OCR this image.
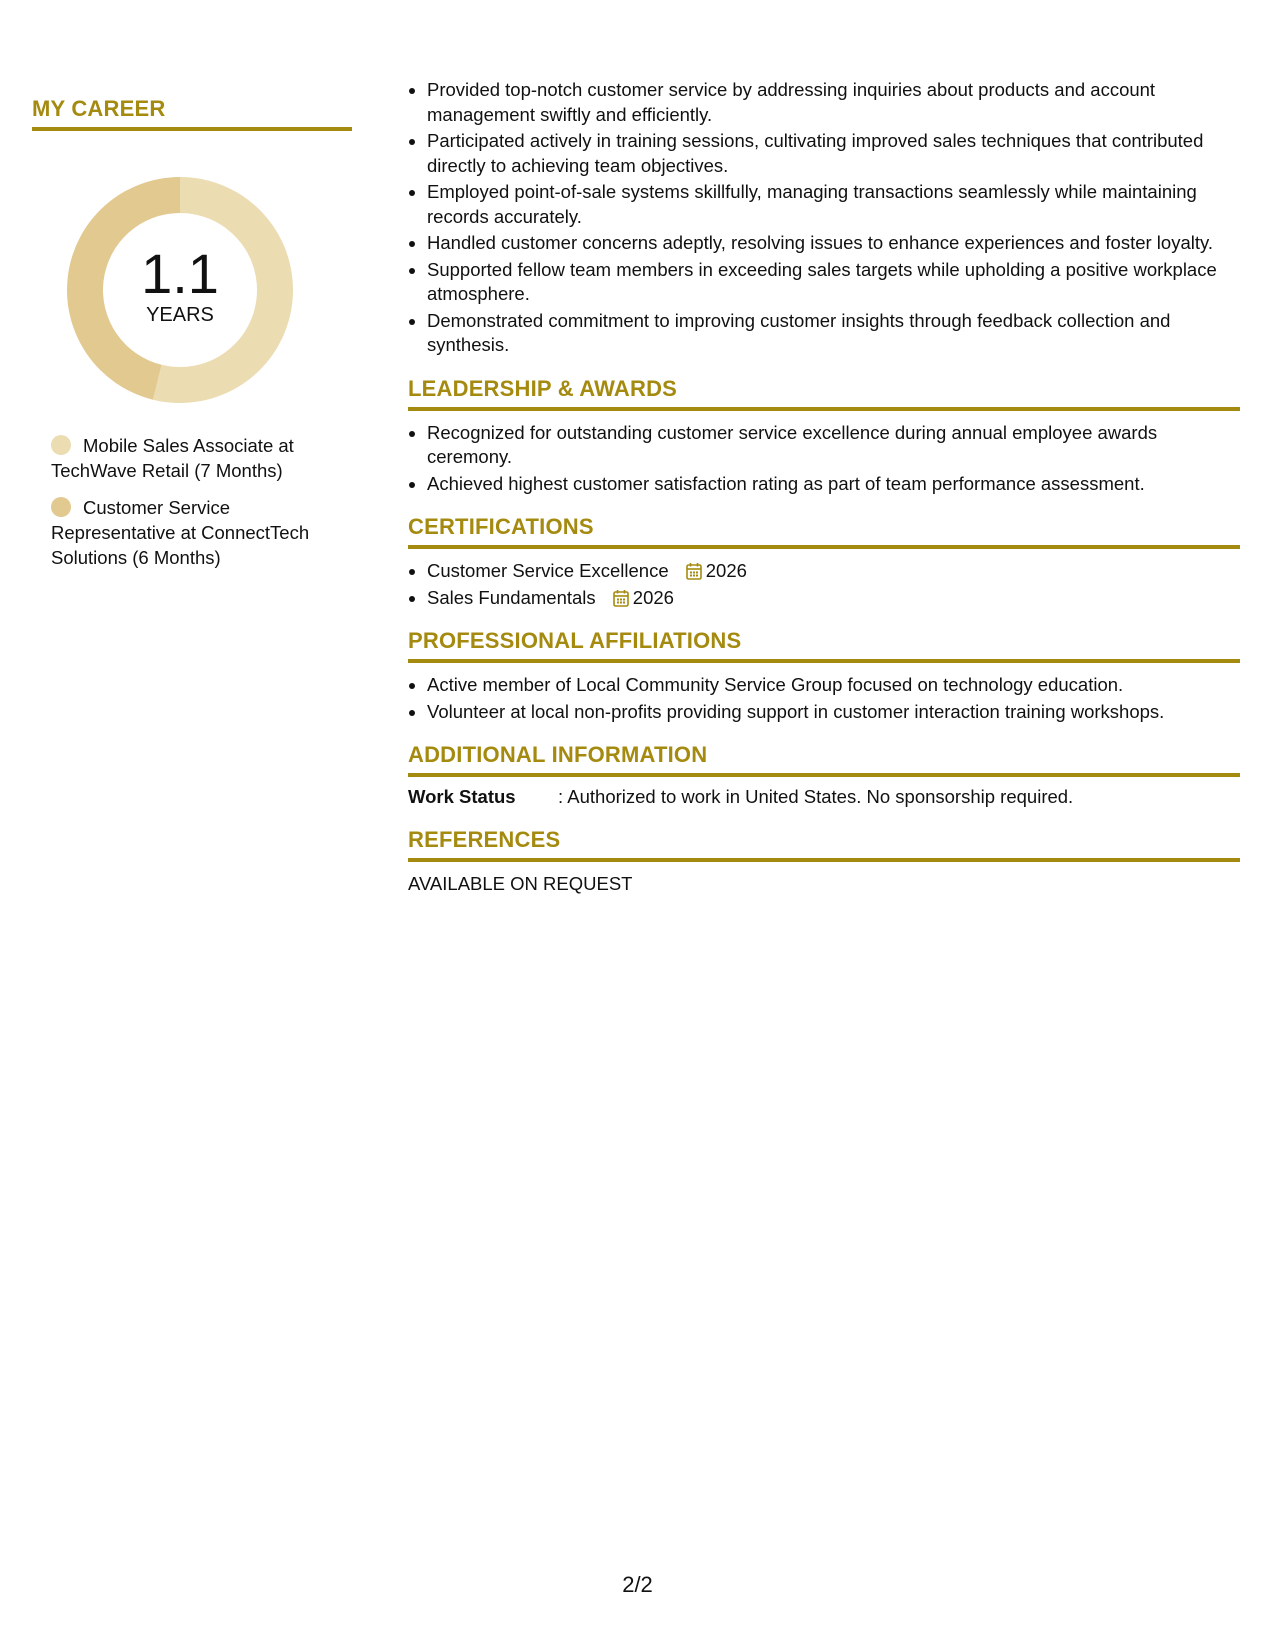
MY CAREER
1.1
YEARS
Mobile Sales Associate at TechWave Retail (7 Months)
Customer Service Representative at ConnectTech Solutions (6 Months)
• Provided top-notch customer service by addressing inquiries about products and account management swiftly and efficiently.
• Participated actively in training sessions, cultivating improved sales techniques that contributed directly to achieving team objectives.
• Employed point-of-sale systems skillfully, managing transactions seamlessly while maintaining records accurately.
• Handled customer concerns adeptly, resolving issues to enhance experiences and foster loyalty.
• Supported fellow team members in exceeding sales targets while upholding a positive workplace atmosphere.
• Demonstrated commitment to improving customer insights through feedback collection and synthesis.
LEADERSHIP & AWARDS
• Recognized for outstanding customer service excellence during annual employee awards ceremony.
• Achieved highest customer satisfaction rating as part of team performance assessment.
CERTIFICATIONS
• Customer Service Excellence 2026
• Sales Fundamentals 2026
PROFESSIONAL AFFILIATIONS
• Active member of Local Community Service Group focused on technology education.
• Volunteer at local non-profits providing support in customer interaction training workshops.
ADDITIONAL INFORMATION
Work Status : Authorized to work in United States. No sponsorship required.
REFERENCES
AVAILABLE ON REQUEST
2/2
